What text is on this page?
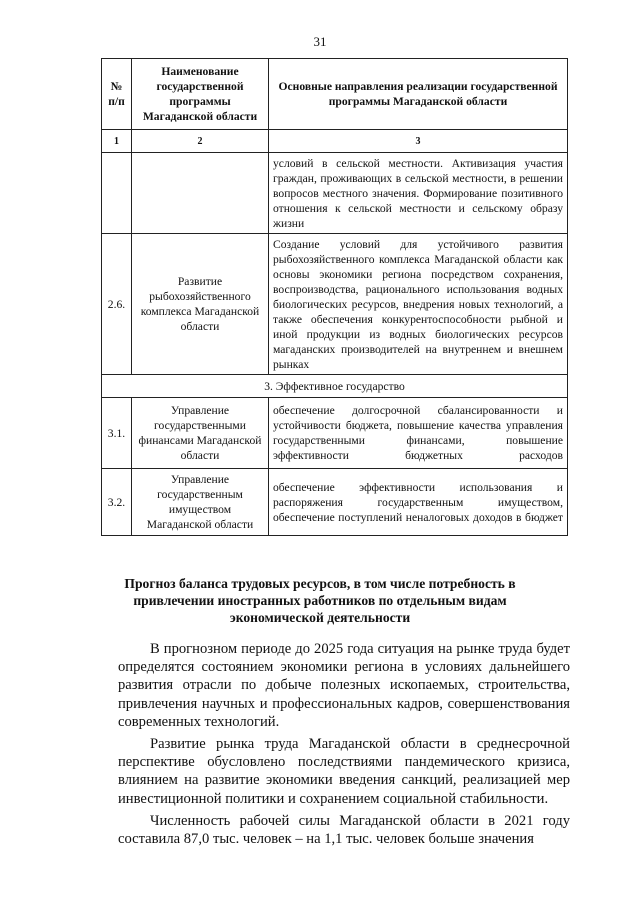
31
№ п/п	Наименование государственной программы Магаданской области	Основные направления реализации государственной программы Магаданской области
1	2	3
		условий в сельской местности. Активизация участия граждан, проживающих в сельской местности, в решении вопросов местного значения. Формирование позитивного отношения к сельской местности и сельскому образу жизни
2.6.	Развитие рыбохозяйственного комплекса Магаданской области	Создание условий для устойчивого развития рыбохозяйственного комплекса Магаданской области как основы экономики региона посредством сохранения, воспроизводства, рационального использования водных биологических ресурсов, внедрения новых технологий, а также обеспечения конкурентоспособности рыбной и иной продукции из водных биологических ресурсов магаданских производителей на внутреннем и внешнем рынках
3. Эффективное государство		
3.1.	Управление государственными финансами Магаданской области	обеспечение долгосрочной сбалансированности и устойчивости бюджета, повышение качества управления государственными финансами, повышение эффективности бюджетных расходов
3.2.	Управление государственным имуществом Магаданской области	обеспечение эффективности использования и распоряжения государственным имуществом, обеспечение поступлений неналоговых доходов в бюджет
Прогноз баланса трудовых ресурсов, в том числе потребность в привлечении иностранных работников по отдельным видам экономической деятельности

В прогнозном периоде до 2025 года ситуация на рынке труда будет определятся состоянием экономики региона в условиях дальнейшего развития отрасли по добыче полезных ископаемых, строительства, привлечения научных и профессиональных кадров, совершенствования современных технологий.

Развитие рынка труда Магаданской области в среднесрочной перспективе обусловлено последствиями пандемического кризиса, влиянием на развитие экономики введения санкций, реализацией мер инвестиционной политики и сохранением социальной стабильности.

Численность рабочей силы Магаданской области в 2021 году составила 87,0 тыс. человек – на 1,1 тыс. человек больше значения
